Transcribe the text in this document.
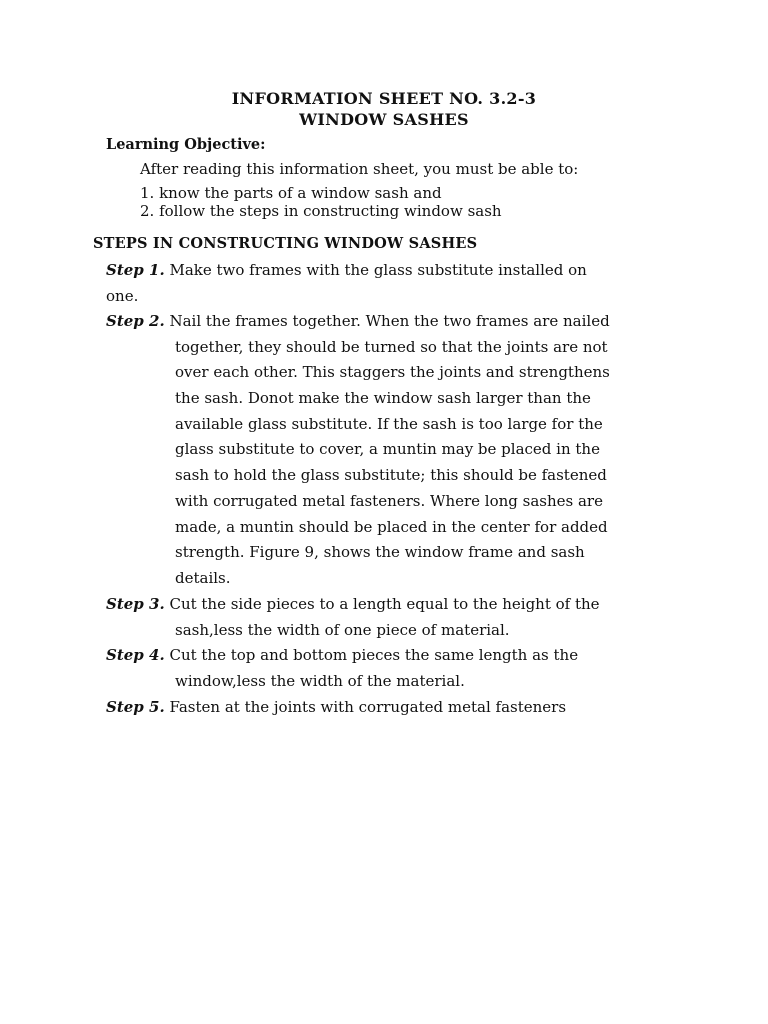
INFORMATION SHEET NO. 3.2-3
WINDOW SASHES
Learning Objective:
After reading this information sheet, you must be able to:
1. know the parts of a window sash and
2. follow the steps in constructing window sash
STEPS IN CONSTRUCTING WINDOW SASHES
Step 1. Make two frames with the glass substitute installed on
one.
Step 2. Nail the frames together. When the two frames are nailed
together, they should be turned so that the joints are not
over each other. This staggers the joints and strengthens
the sash. Donot make the window sash larger than the
available glass substitute. If the sash is too large for the
glass substitute to cover, a muntin may be placed in the
sash to hold the glass substitute; this should be fastened
with corrugated metal fasteners. Where long sashes are
made, a muntin should be placed in the center for added
strength. Figure 9, shows the window frame and sash
details.
Step 3. Cut the side pieces to a length equal to the height of the
sash,less the width of one piece of material.
Step 4. Cut the top and bottom pieces the same length as the
window,less the width of the material.
Step 5. Fasten at the joints with corrugated metal fasteners
